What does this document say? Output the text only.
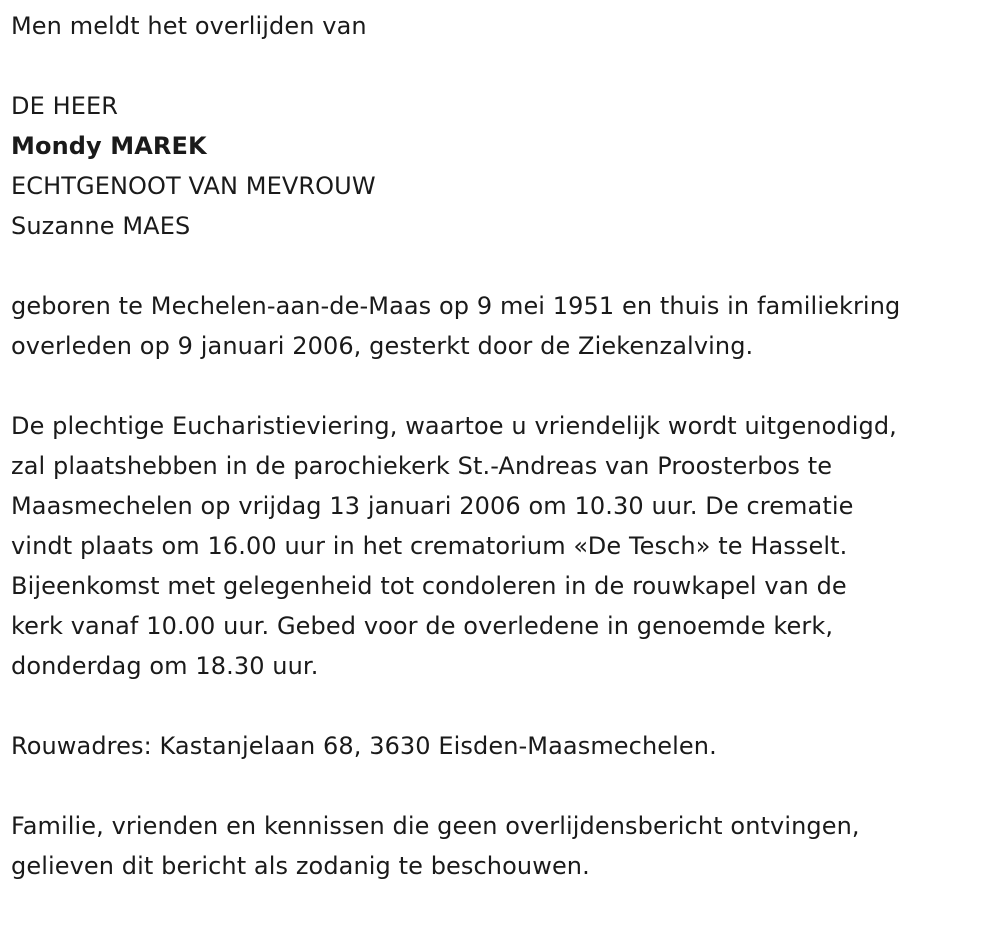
Men meldt het overlijden van
DE HEER
Mondy MAREK
ECHTGENOOT VAN MEVROUW
Suzanne MAES
geboren te Mechelen-aan-de-Maas op 9 mei 1951 en thuis in familiekring
overleden op 9 januari 2006, gesterkt door de Ziekenzalving.
De plechtige Eucharistieviering, waartoe u vriendelijk wordt uitgenodigd,
zal plaatshebben in de parochiekerk St.-Andreas van Proosterbos te
Maasmechelen op vrijdag 13 januari 2006 om 10.30 uur. De crematie
vindt plaats om 16.00 uur in het crematorium «De Tesch» te Hasselt.
Bijeenkomst met gelegenheid tot condoleren in de rouwkapel van de
kerk vanaf 10.00 uur. Gebed voor de overledene in genoemde kerk,
donderdag om 18.30 uur.
Rouwadres: Kastanjelaan 68, 3630 Eisden-Maasmechelen.
Familie, vrienden en kennissen die geen overlijdensbericht ontvingen,
gelieven dit bericht als zodanig te beschouwen.
